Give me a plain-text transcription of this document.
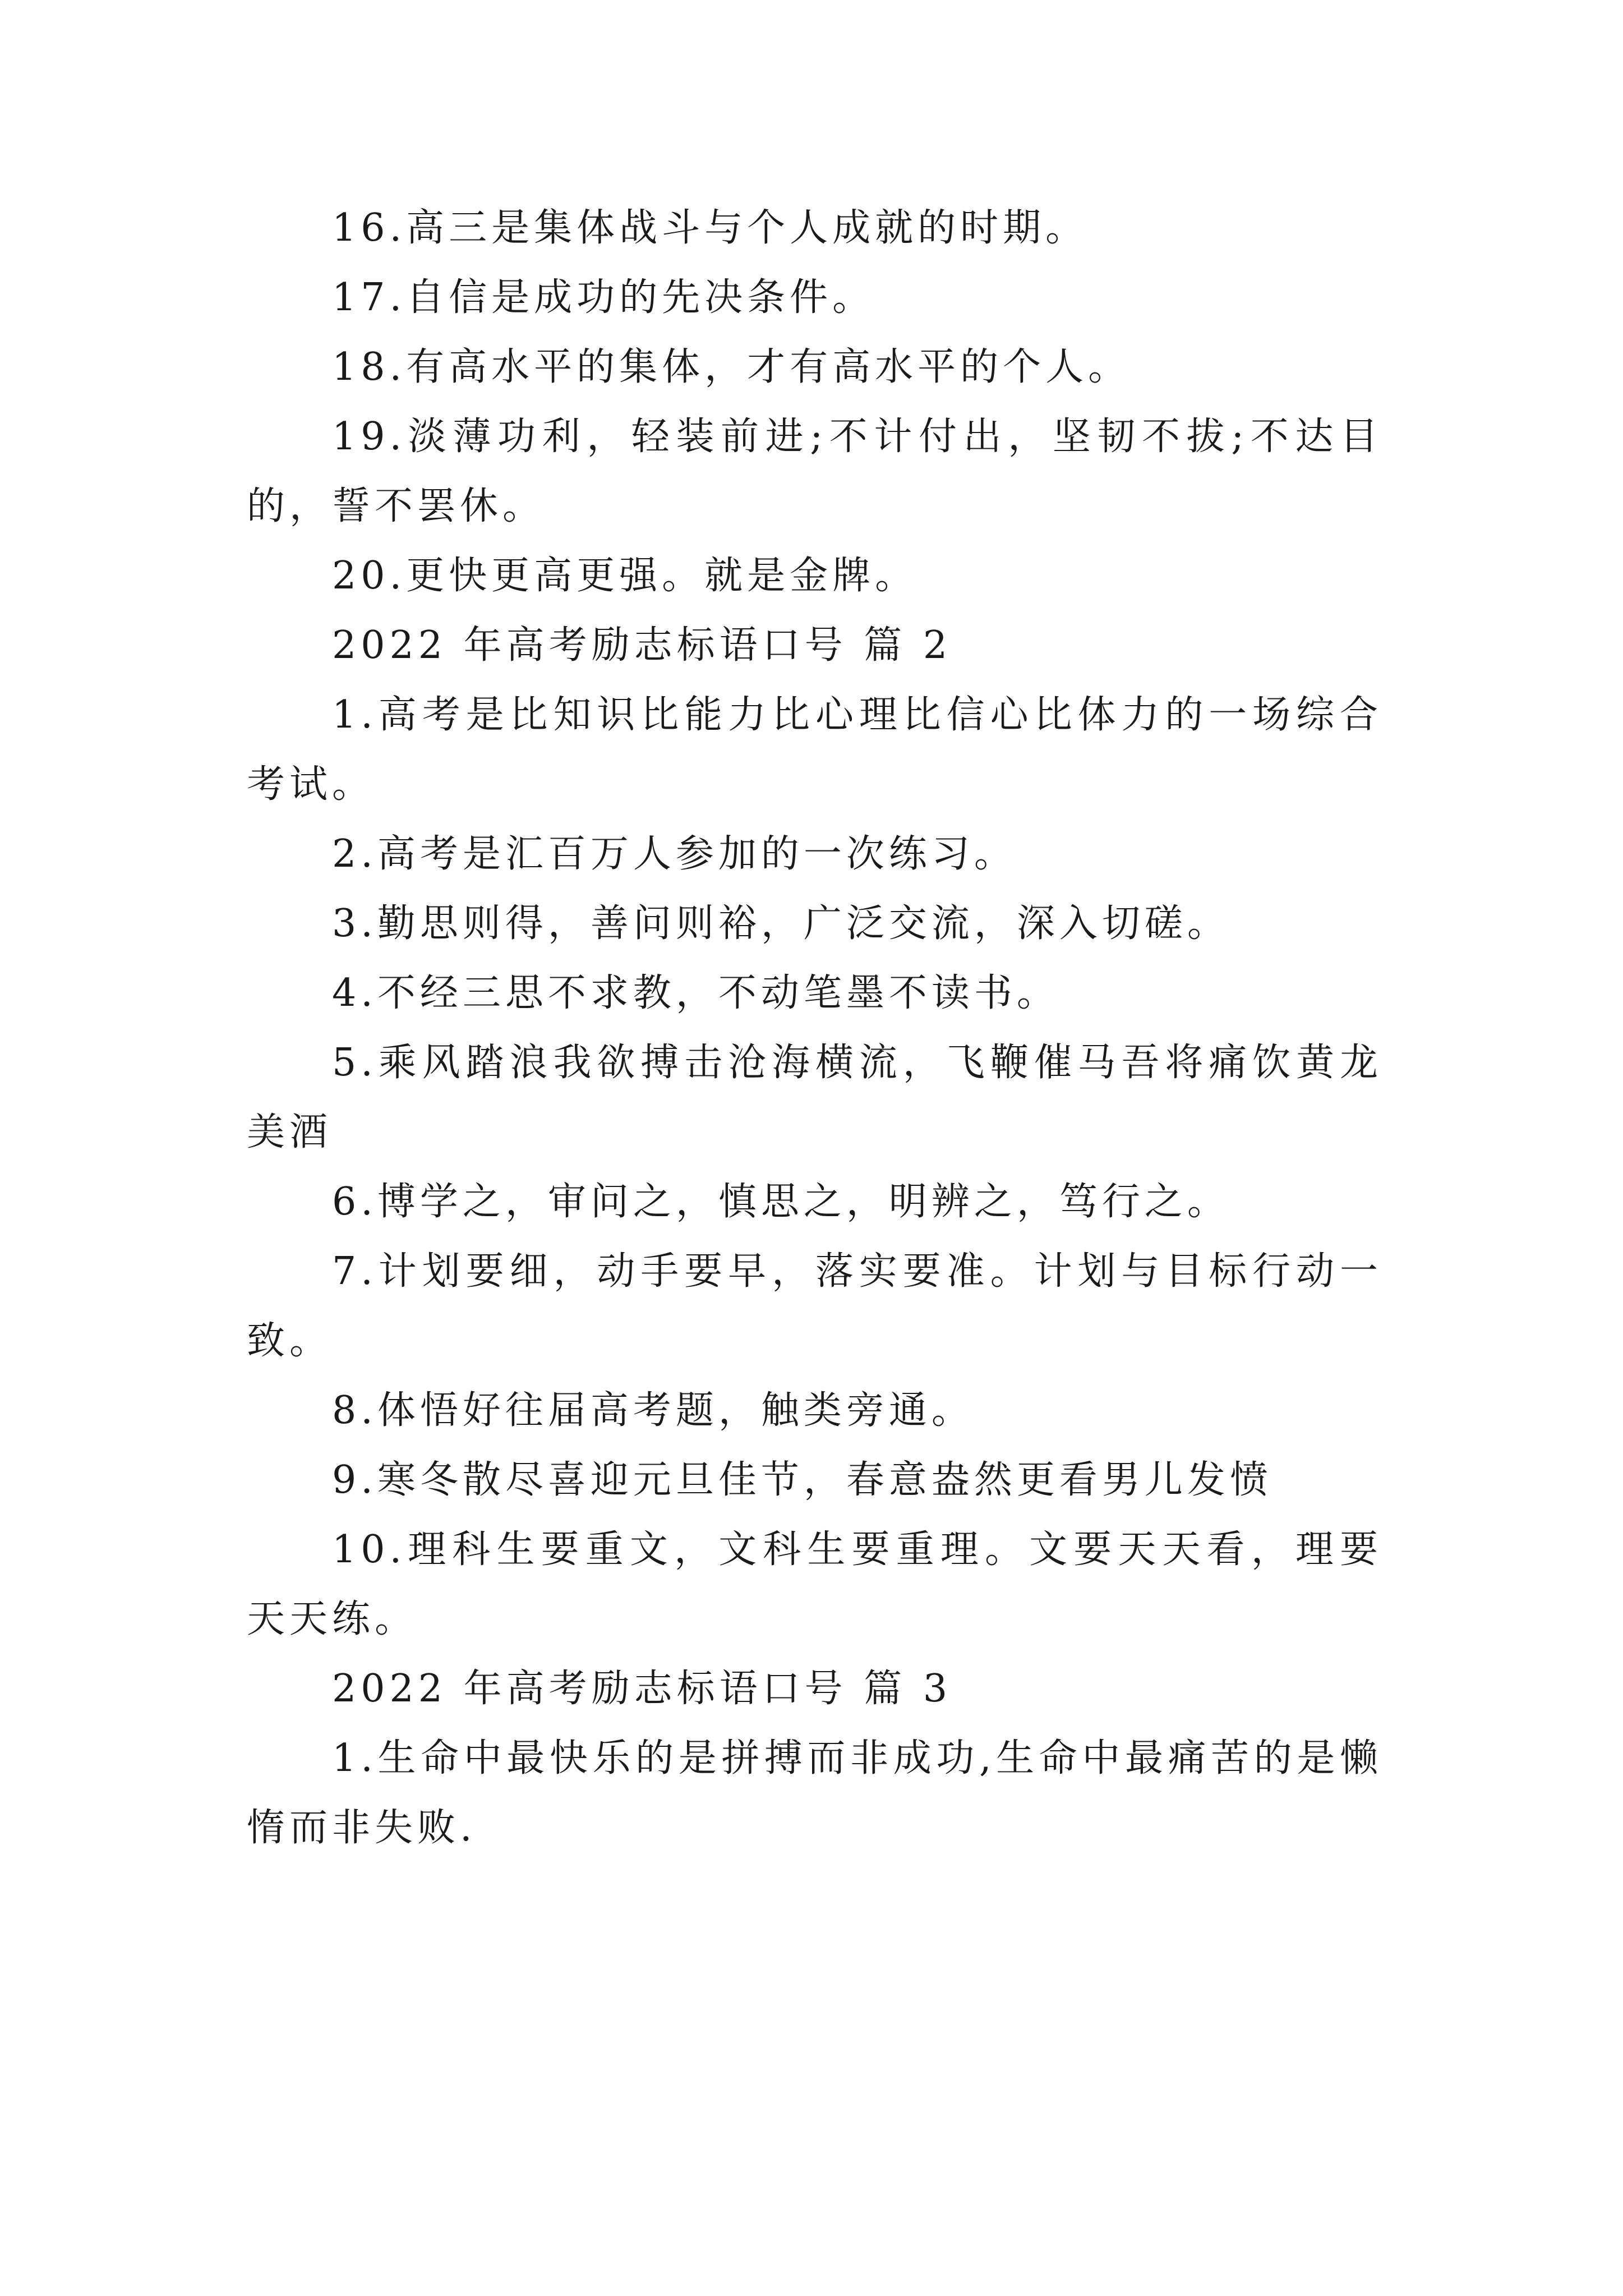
16.高三是集体战斗与个人成就的时期。

17.自信是成功的先决条件。

18.有高水平的集体，才有高水平的个人。

19.淡薄功利，轻装前进;不计付出，坚韧不拔;不达目的，誓不罢休。

20.更快更高更强。就是金牌。

2022 年高考励志标语口号 篇 2

1.高考是比知识比能力比心理比信心比体力的一场综合考试。

2.高考是汇百万人参加的一次练习。

3.勤思则得，善问则裕，广泛交流，深入切磋。

4.不经三思不求教，不动笔墨不读书。

5.乘风踏浪我欲搏击沧海横流，飞鞭催马吾将痛饮黄龙美酒

6.博学之，审问之，慎思之，明辨之，笃行之。

7.计划要细，动手要早，落实要准。计划与目标行动一致。

8.体悟好往届高考题，触类旁通。

9.寒冬散尽喜迎元旦佳节，春意盎然更看男儿发愤

10.理科生要重文，文科生要重理。文要天天看，理要天天练。

2022 年高考励志标语口号 篇 3

1.生命中最快乐的是拼搏而非成功,生命中最痛苦的是懒惰而非失败.
